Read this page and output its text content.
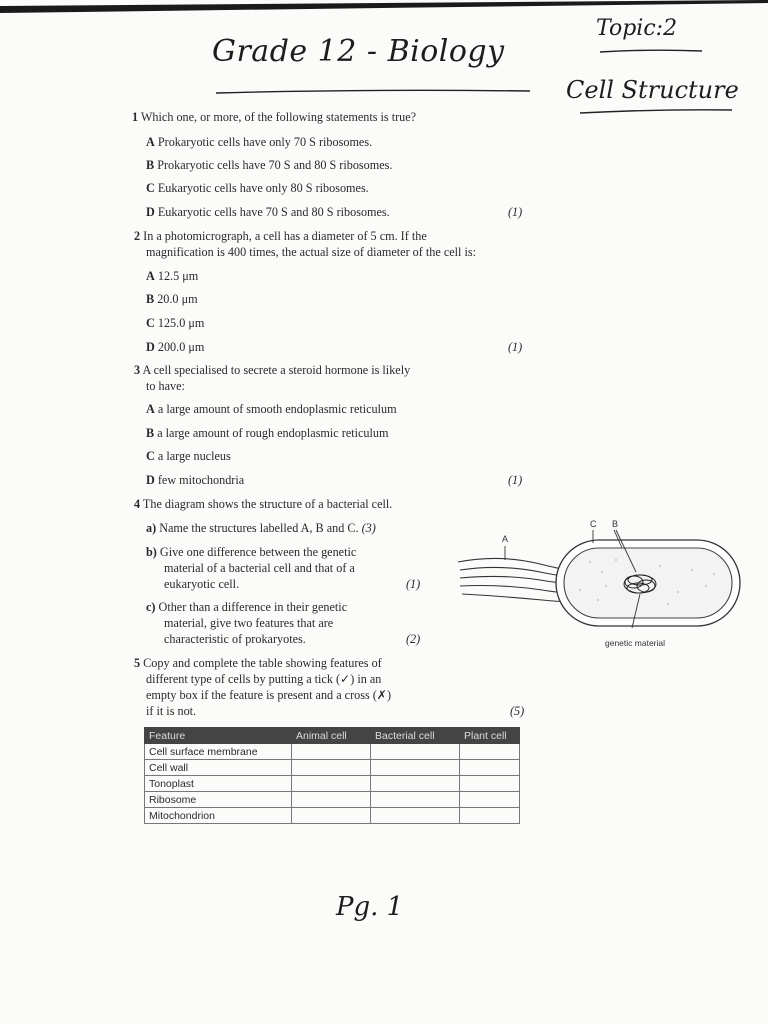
Grade 12 - Biology
Topic:2
Cell Structure
1 Which one, or more, of the following statements is true?
A Prokaryotic cells have only 70 S ribosomes.
B Prokaryotic cells have 70 S and 80 S ribosomes.
C Eukaryotic cells have only 80 S ribosomes.
D Eukaryotic cells have 70 S and 80 S ribosomes.	(1)
2 In a photomicrograph, a cell has a diameter of 5 cm. If the
magnification is 400 times, the actual size of diameter of the cell is:
A 12.5 μm
B 20.0 μm
C 125.0 μm
D 200.0 μm	(1)
3 A cell specialised to secrete a steroid hormone is likely
to have:
A a large amount of smooth endoplasmic reticulum
B a large amount of rough endoplasmic reticulum
C a large nucleus
D few mitochondria	(1)
4 The diagram shows the structure of a bacterial cell.
a) Name the structures labelled A, B and C. (3)
b) Give one difference between the genetic
material of a bacterial cell and that of a
eukaryotic cell.	(1)
c) Other than a difference in their genetic
material, give two features that are
characteristic of prokaryotes.	(2)
A
C B
genetic material
5 Copy and complete the table showing features of
different type of cells by putting a tick (✓) in an
empty box if the feature is present and a cross (✗)
if it is not.	(5)
Feature	Animal cell	Bacterial cell	Plant cell
Cell surface membrane			
Cell wall			
Tonoplast			
Ribosome			
Mitochondrion			
Pg. 1
